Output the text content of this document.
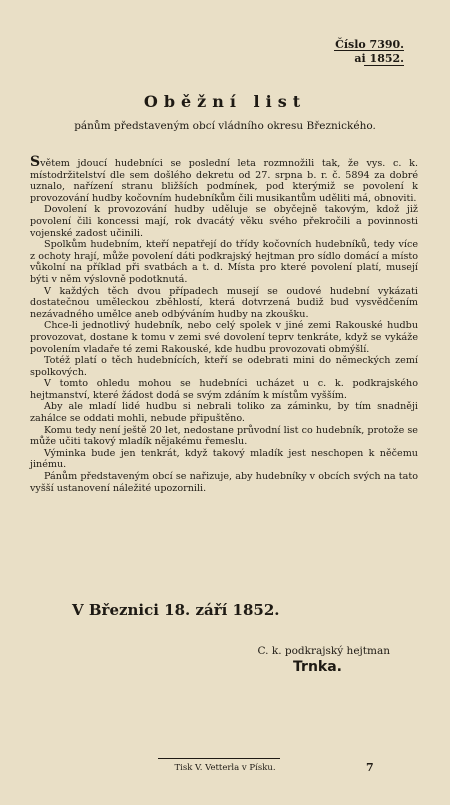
Číslo 7390.
ai 1852.
Oběžní list
pánům představeným obcí vládního okresu Březnického.

Světem jdoucí hudebníci se poslední leta rozmnožili tak, že vys. c. k. místodržitelství dle sem došlého dekretu od 27. srpna b. r. č. 5894 za dobré uznalo, nařízení stranu bližších podmínek, pod kterýmiž se povolení k provozování hudby kočovním hudebníkům čili musikantům uděliti má, obnoviti.

Dovolení k provozování hudby uděluje se obyčejně takovým, kdož již povolení čili koncessi mají, rok dvacátý věku svého překročili a povinnosti vojenské zadost učinili.

Spolkům hudebním, kteří nepatřejí do třídy kočovních hudebníků, tedy více z ochoty hrají, může povolení dáti podkrajský hejtman pro sídlo domácí a místo vůkolní na příklad při svatbách a t. d. Místa pro které povolení platí, musejí býti v něm výslovně podotknutá.

V každých těch dvou případech musejí se oudové hudební vykázati dostatečnou uměleckou zběhlostí, která dotvrzená budiž bud vysvědčením nezávadného umělce aneb odbýváním hudby na zkoušku.

Chce-li jednotlivý hudebník, nebo celý spolek v jiné zemi Rakouské hudbu provozovat, dostane k tomu v zemi své dovolení teprv tenkráte, když se vykáže povolením vladaře té zemi Rakouské, kde hudbu provozovati obmýšlí.

Totéž platí o těch hudebnících, kteří se odebrati mini do německých zemí spolkových.

V tomto ohledu mohou se hudebníci ucházet u c. k. podkrajského hejtmanství, které žádost dodá se svým zdáním k místům vyšším.

Aby ale mladí lidé hudbu si nebrali toliko za záminku, by tím snadněji zahálce se oddati mohli, nebude připuštěno.

Komu tedy není ještě 20 let, nedostane průvodní list co hudebník, protože se může učiti takový mladík nějakému řemeslu.

Výminka bude jen tenkrát, když takový mladík jest neschopen k něčemu jinému.

Pánům představeným obcí se nařizuje, aby hudebníky v obcích svých na tato vyšší ustanovení náležité upozornili.

V Březnici 18. září 1852.
C. k. podkrajský hejtman
Trnka.
Tisk V. Vetterla v Písku.	7
